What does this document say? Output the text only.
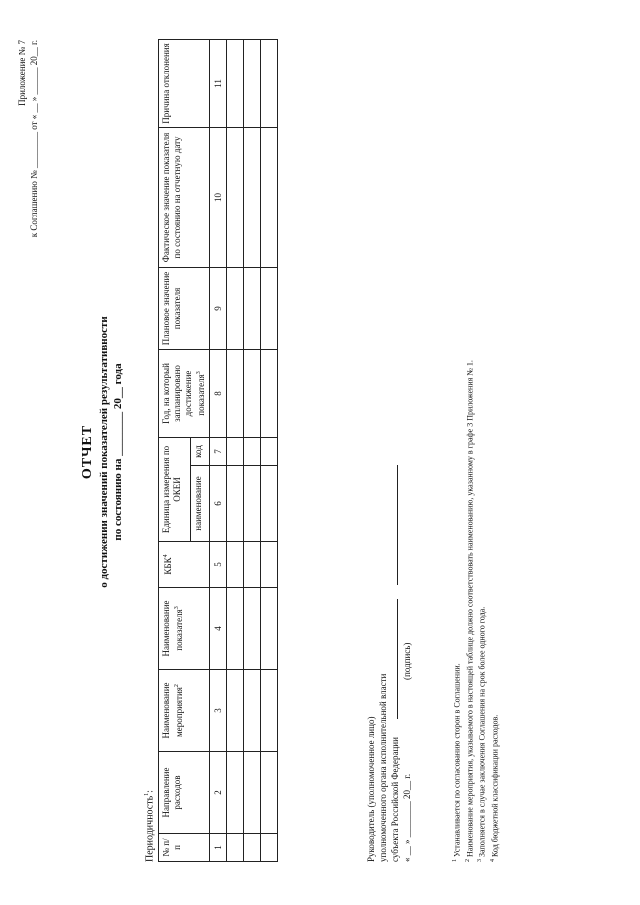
Приложение № 7 к Соглашению № ________ от « __ » ______ 20__ г.
ОТЧЕТ о достижении значений показателей результативности по состоянию на ________ 20__ года
Периодичность$^1$:
№ п/п	Направление расходов	Наименование мероприятия$^2$	Наименование показателя$^3$	КБК$^4$	Единица измерения по ОКЕИ		Год, на который запланировано достижение показателя$^3$	Плановое значение показателя	Фактическое значение показателя по состоянию на отчетную дату	Причина отклонения
					наименование	код				
1	2	3	4	5	6	7	8	9	10	11

Руководитель (уполномоченное лицо) уполномоченного органа исполнительной власти субъекта Российской Федерации
(подпись)
« __ » ________ 20__ г.	$^1$ Устанавливается по согласованию сторон в Соглашении.
$^2$ Наименование мероприятия, указываемого в настоящей таблице должно соответствовать наименованию, указанному в графе 3 Приложения № 1.
$^3$ Заполняется в случае заключения Соглашения на срок более одного года.
$^4$ Код бюджетной классификации расходов.
